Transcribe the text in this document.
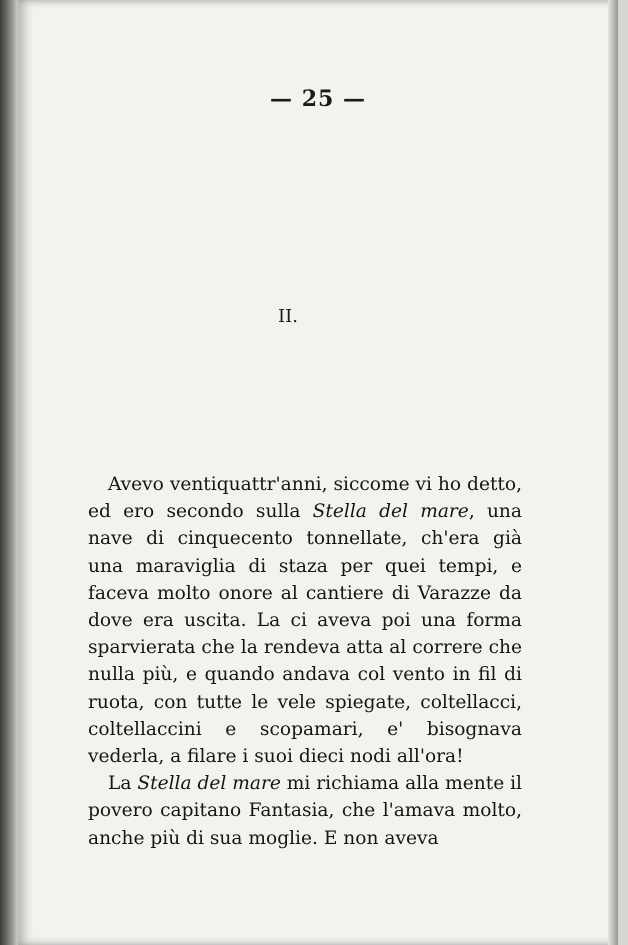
— 25 —
II.

Avevo ventiquattr'anni, siccome vi ho detto, ed ero secondo sulla Stella del mare, una nave di cinquecento tonnellate, ch'era già una maraviglia di staza per quei tempi, e faceva molto onore al cantiere di Varazze da dove era uscita. La ci aveva poi una forma sparvierata che la rendeva atta al correre che nulla più, e quando andava col vento in fil di ruota, con tutte le vele spiegate, coltellacci, coltellaccini e scopamari, e' bisognava vederla, a filare i suoi dieci nodi all'ora!

La Stella del mare mi richiama alla mente il povero capitano Fantasia, che l'amava molto, anche più di sua moglie. E non aveva
